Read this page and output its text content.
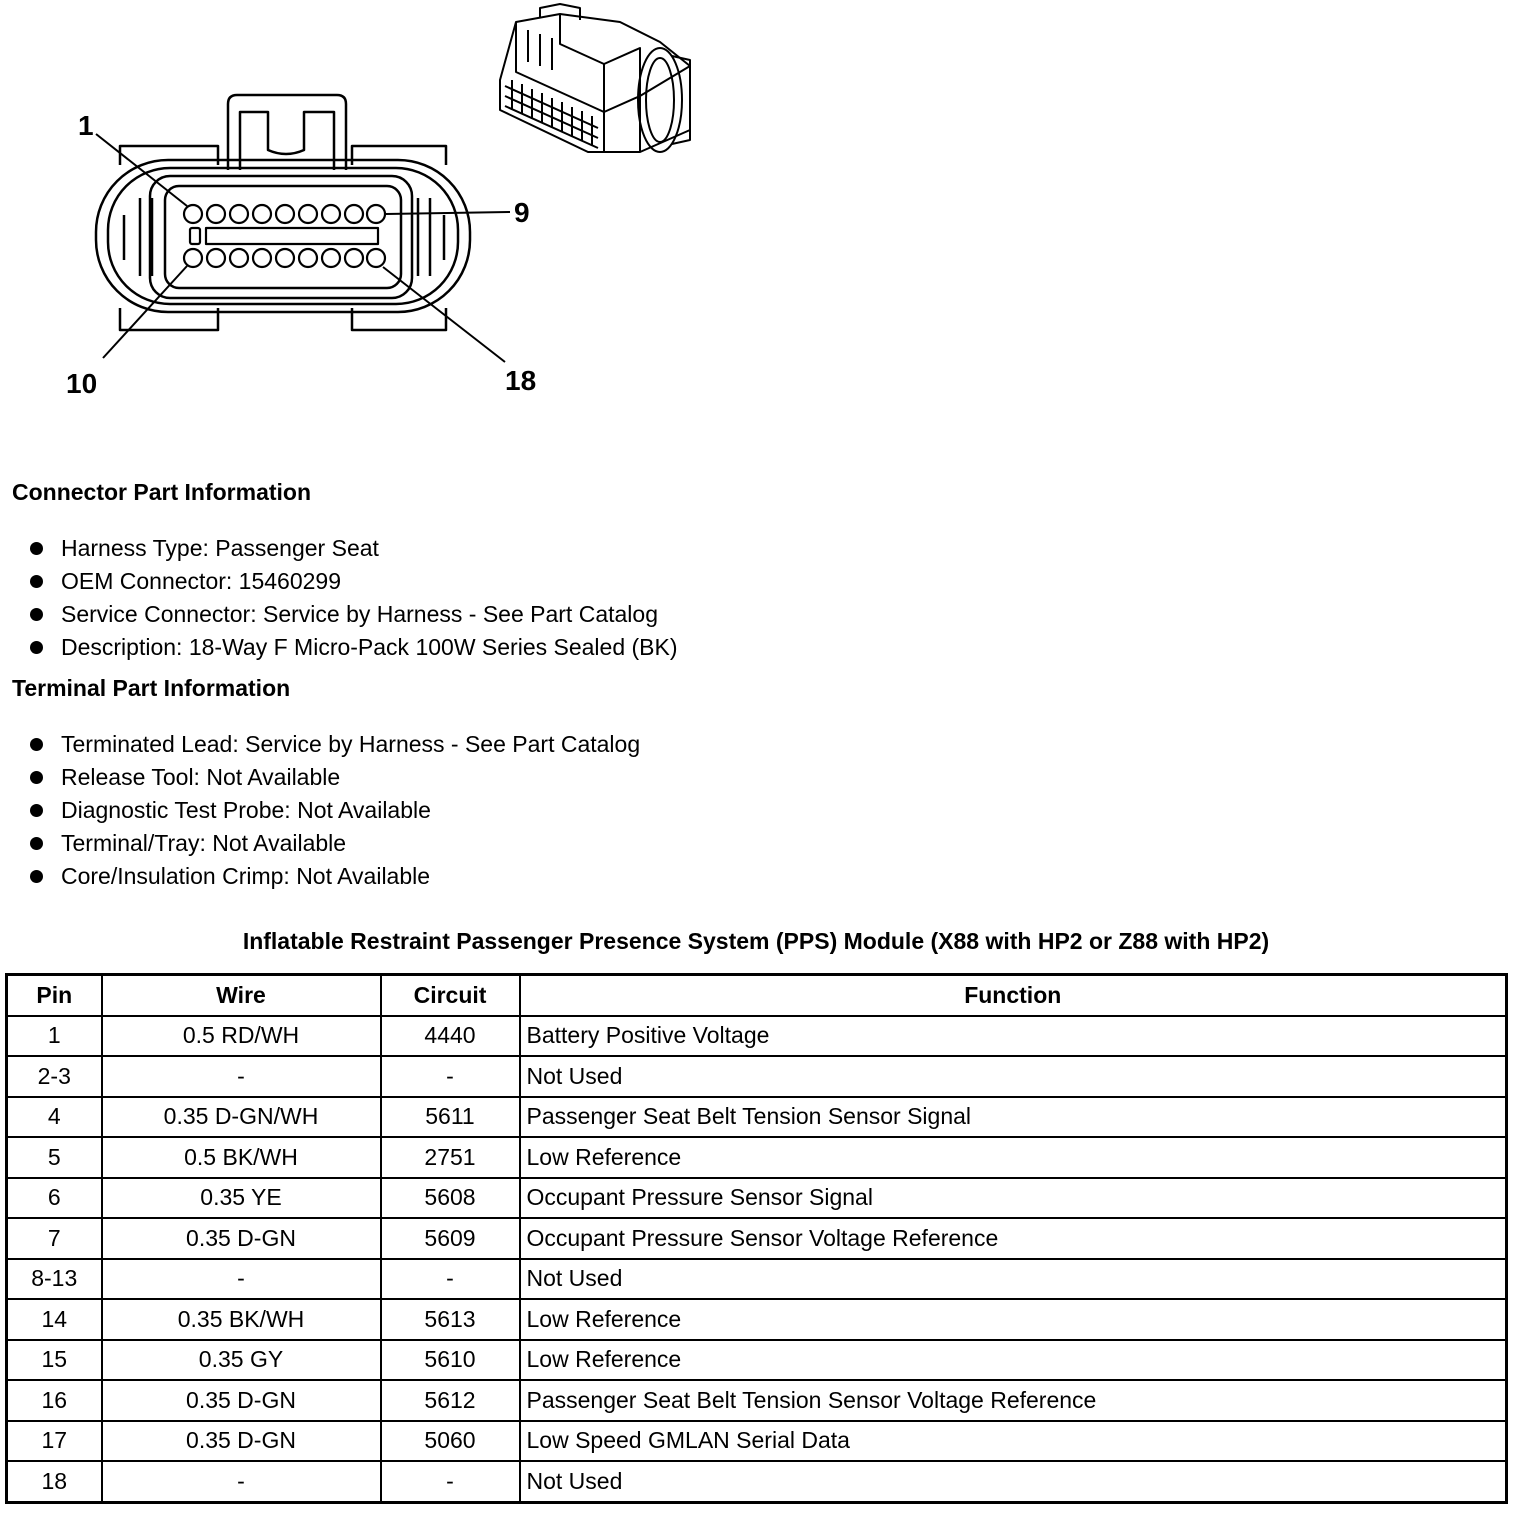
1
9
10	18
Connector Part Information
Harness Type: Passenger Seat
OEM Connector: 15460299
Service Connector: Service by Harness - See Part Catalog
Description: 18-Way F Micro-Pack 100W Series Sealed (BK)
Terminal Part Information
Terminated Lead: Service by Harness - See Part Catalog
Release Tool: Not Available
Diagnostic Test Probe: Not Available
Terminal/Tray: Not Available
Core/Insulation Crimp: Not Available
Inflatable Restraint Passenger Presence System (PPS) Module (X88 with HP2 or Z88 with HP2)
Pin	Wire	Circuit	Function
1	0.5 RD/WH	4440	Battery Positive Voltage
2-3	-	-	Not Used
4	0.35 D-GN/WH	5611	Passenger Seat Belt Tension Sensor Signal
5	0.5 BK/WH	2751	Low Reference
6	0.35 YE	5608	Occupant Pressure Sensor Signal
7	0.35 D-GN	5609	Occupant Pressure Sensor Voltage Reference
8-13	-	-	Not Used
14	0.35 BK/WH	5613	Low Reference
15	0.35 GY	5610	Low Reference
16	0.35 D-GN	5612	Passenger Seat Belt Tension Sensor Voltage Reference
17	0.35 D-GN	5060	Low Speed GMLAN Serial Data
18	-	-	Not Used
